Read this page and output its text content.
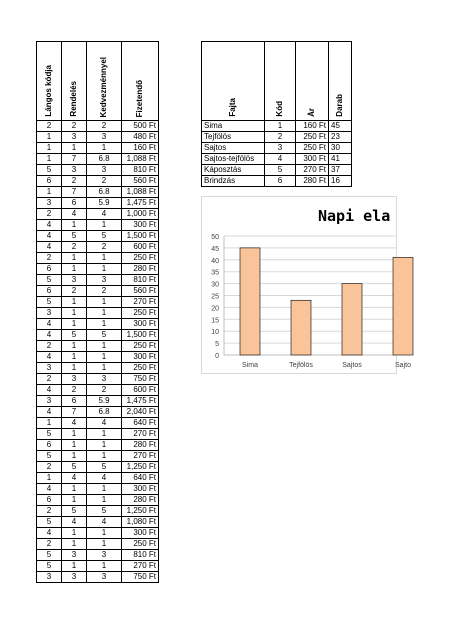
Lángos kódja	Rendelés	Kedvezménnyel	Fizetendő

2	2	2	500 Ft
1	3	3	480 Ft
1	1	1	160 Ft
1	7	6.8	1,088 Ft
5	3	3	810 Ft
6	2	2	560 Ft
1	7	6.8	1,088 Ft
3	6	5.9	1,475 Ft
2	4	4	1,000 Ft
4	1	1	300 Ft
4	5	5	1,500 Ft
4	2	2	600 Ft
2	1	1	250 Ft
6	1	1	280 Ft
5	3	3	810 Ft
6	2	2	560 Ft
5	1	1	270 Ft
3	1	1	250 Ft
4	1	1	300 Ft
4	5	5	1,500 Ft
2	1	1	250 Ft
4	1	1	300 Ft
3	1	1	250 Ft
2	3	3	750 Ft
4	2	2	600 Ft
3	6	5.9	1,475 Ft
4	7	6.8	2,040 Ft
1	4	4	640 Ft
5	1	1	270 Ft
6	1	1	280 Ft
5	1	1	270 Ft
2	5	5	1,250 Ft
1	4	4	640 Ft
4	1	1	300 Ft
6	1	1	280 Ft
2	5	5	1,250 Ft
5	4	4	1,080 Ft
4	1	1	300 Ft
2	1	1	250 Ft
5	3	3	810 Ft
5	1	1	270 Ft
3	3	3	750 Ft
Fajta	Kód	Ár	Darab

Sima	1	160 Ft	45
Tejfölös	2	250 Ft	23
Sajtos	3	250 Ft	30
Sajtos-tejfölös	4	300 Ft	41
Káposztás	5	270 Ft	37
Brindzás	6	280 Ft	16
Napi ela
0
5
10
15
20
25
30
35
40
45
50
Sima	Tejfölös	Sajtos	Sajto
